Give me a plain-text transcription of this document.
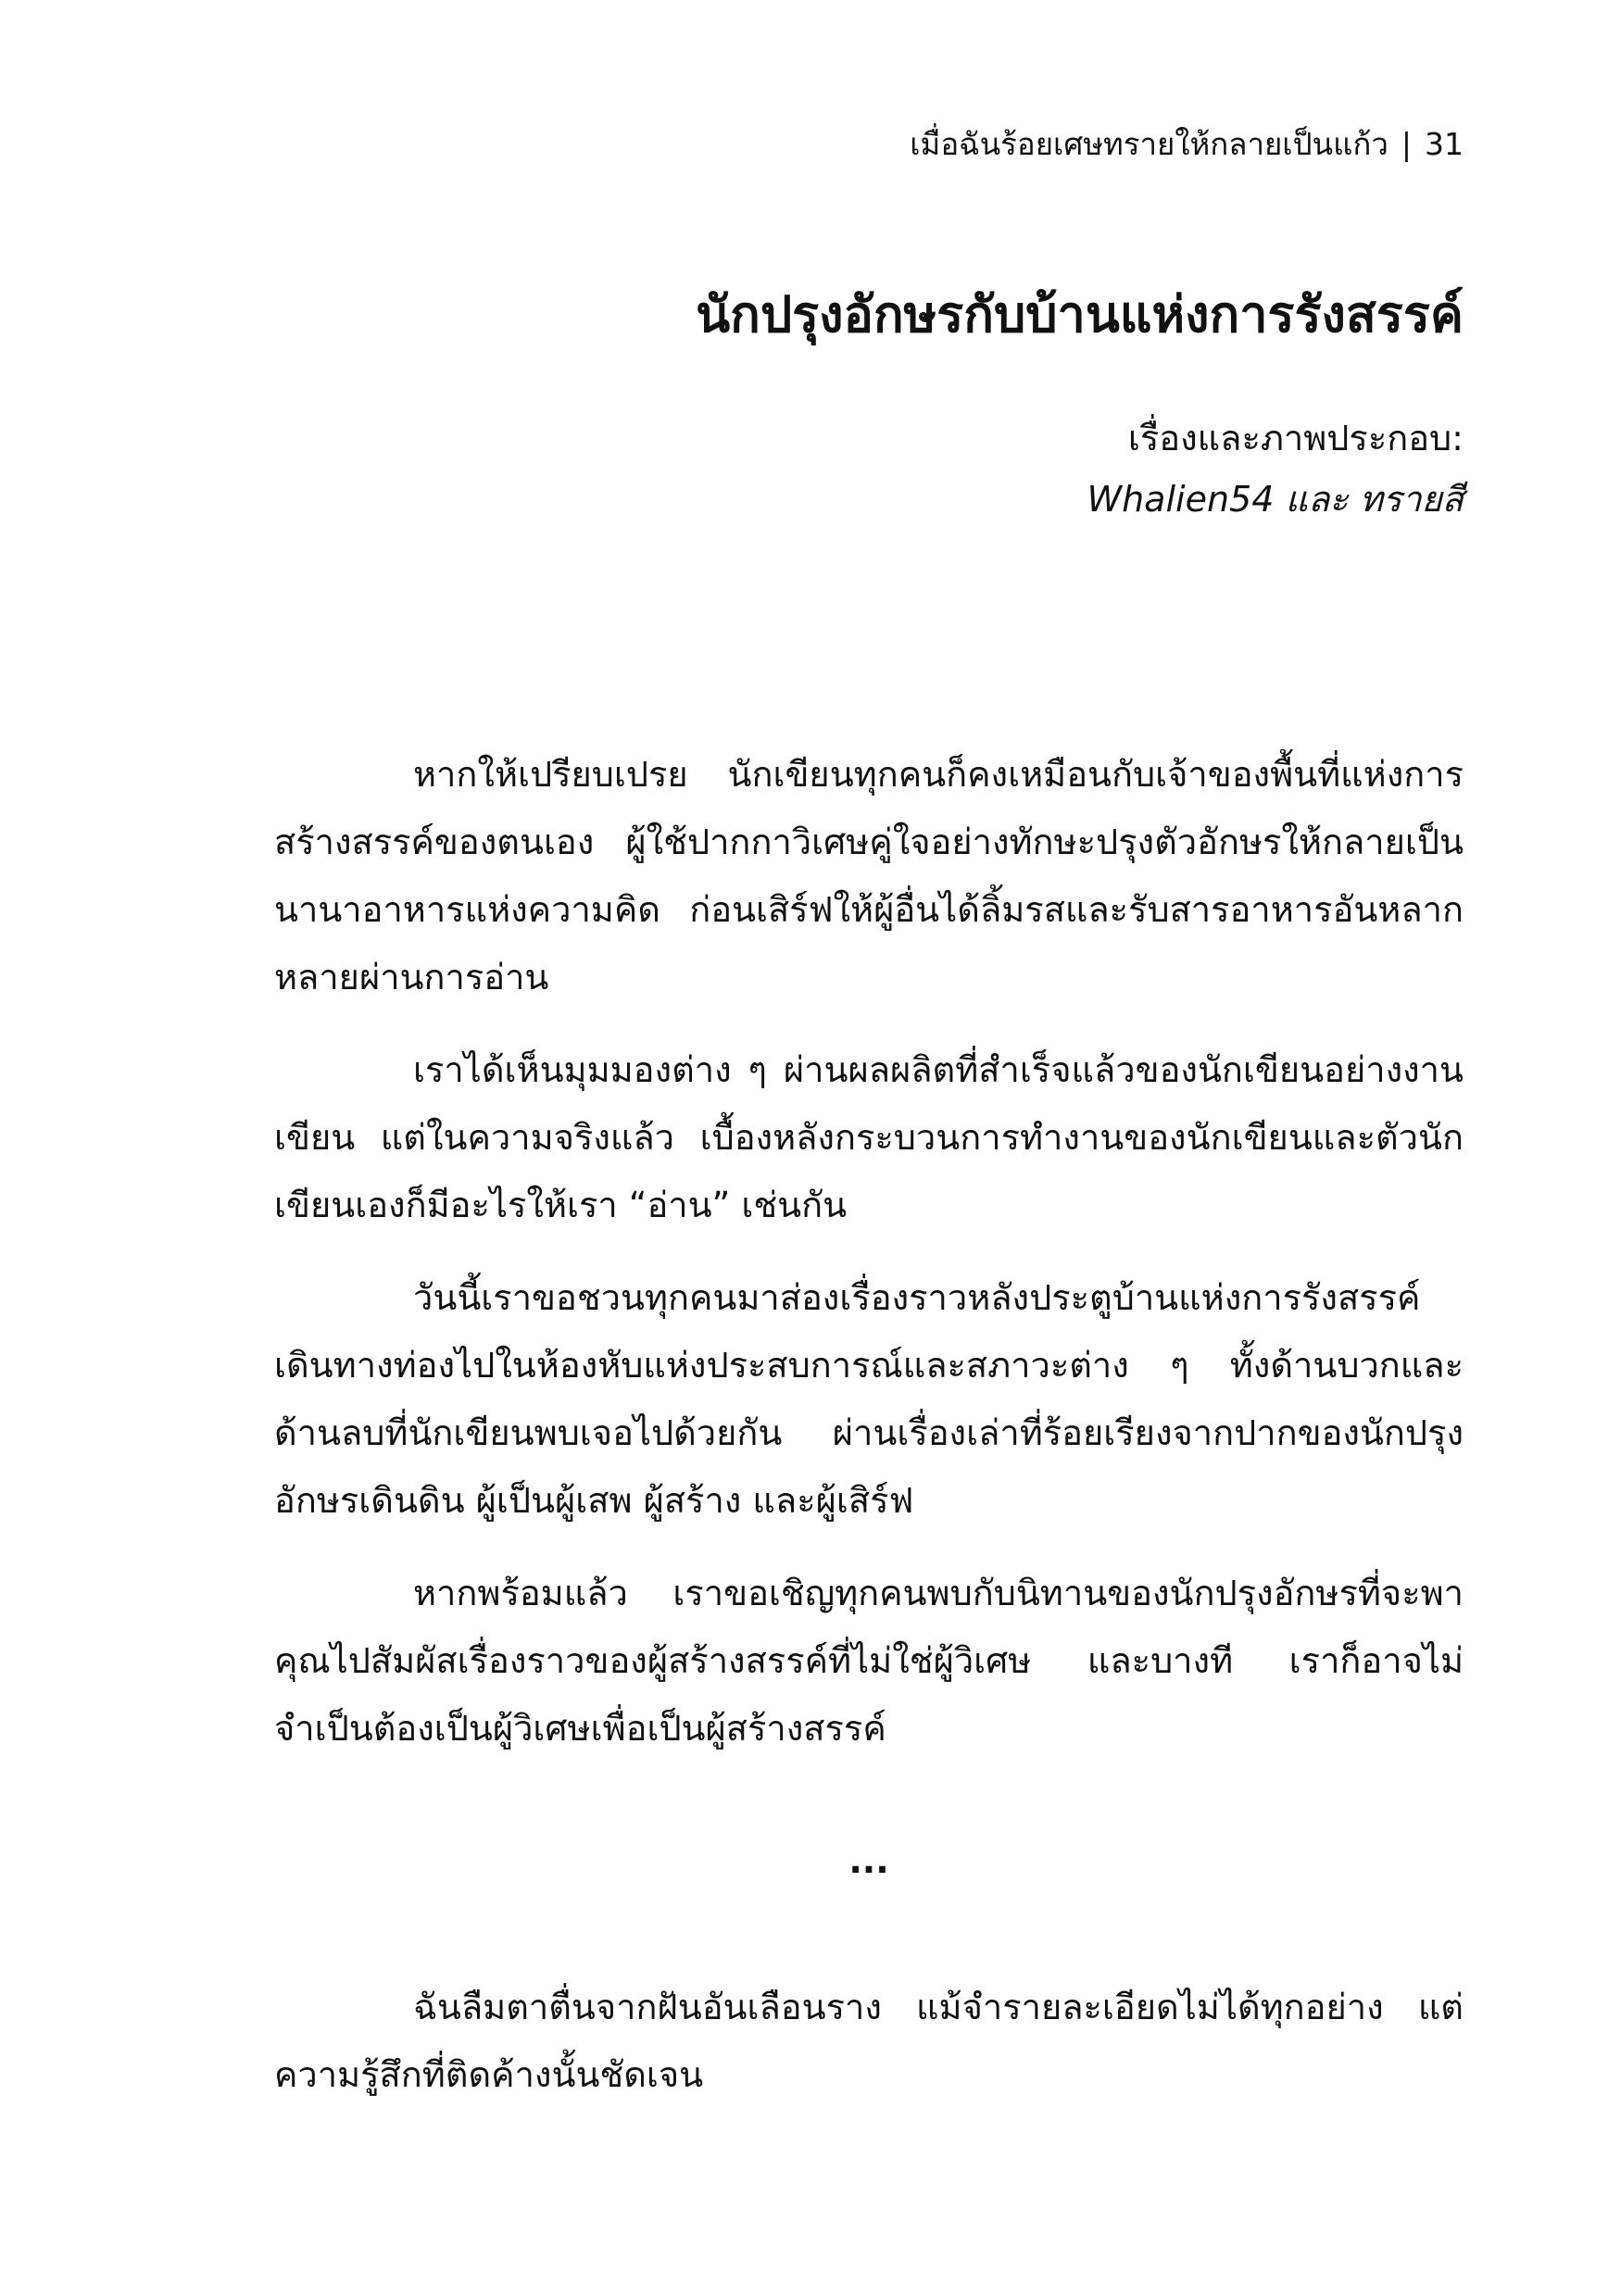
เมื่อฉันร้อยเศษทรายให้กลายเป็นแก้ว | 31
นักปรุงอักษรกับบ้านแห่งการรังสรรค์
เรื่องและภาพประกอบ:
Whalien54 และ ทรายสี

หากให้เปรียบเปรย นักเขียนทุกคนก็คงเหมือนกับเจ้าของพื้นที่แห่งการสร้างสรรค์ของตนเอง ผู้ใช้ปากกาวิเศษคู่ใจอย่างทักษะปรุงตัวอักษรให้กลายเป็นนานาอาหารแห่งความคิด ก่อนเสิร์ฟให้ผู้อื่นได้ลิ้มรสและรับสารอาหารอันหลากหลายผ่านการอ่าน

เราได้เห็นมุมมองต่าง ๆ ผ่านผลผลิตที่สำเร็จแล้วของนักเขียนอย่างงานเขียน แต่ในความจริงแล้ว เบื้องหลังกระบวนการทำงานของนักเขียนและตัวนักเขียนเองก็มีอะไรให้เรา “อ่าน” เช่นกัน

วันนี้เราขอชวนทุกคนมาส่องเรื่องราวหลังประตูบ้านแห่งการรังสรรค์ เดินทางท่องไปในห้องหับแห่งประสบการณ์และสภาวะต่าง ๆ ทั้งด้านบวกและด้านลบที่นักเขียนพบเจอไปด้วยกัน ผ่านเรื่องเล่าที่ร้อยเรียงจากปากของนักปรุงอักษรเดินดิน ผู้เป็นผู้เสพ ผู้สร้าง และผู้เสิร์ฟ

หากพร้อมแล้ว เราขอเชิญทุกคนพบกับนิทานของนักปรุงอักษรที่จะพาคุณไปสัมผัสเรื่องราวของผู้สร้างสรรค์ที่ไม่ใช่ผู้วิเศษ และบางที เราก็อาจไม่จำเป็นต้องเป็นผู้วิเศษเพื่อเป็นผู้สร้างสรรค์

...

ฉันลืมตาตื่นจากฝันอันเลือนราง แม้จำรายละเอียดไม่ได้ทุกอย่าง แต่ความรู้สึกที่ติดค้างนั้นชัดเจน
